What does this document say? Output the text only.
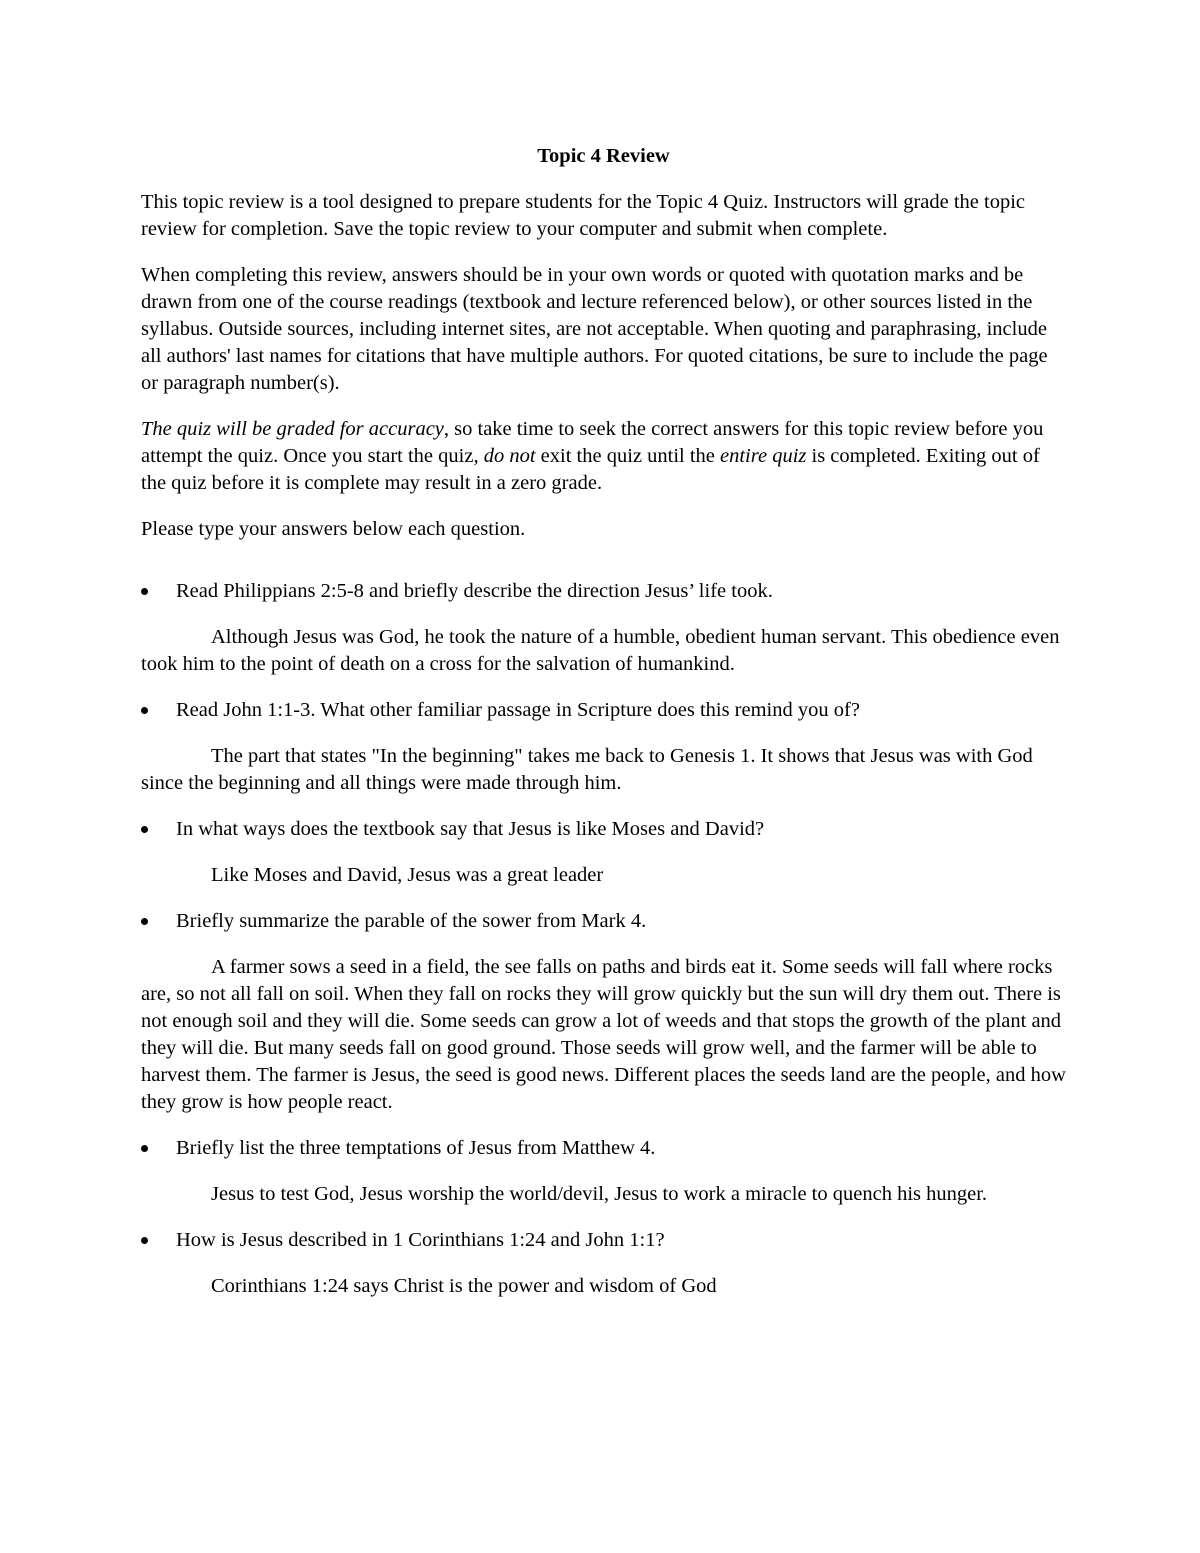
Topic 4 Review

This topic review is a tool designed to prepare students for the Topic 4 Quiz. Instructors will grade the topic review for completion. Save the topic review to your computer and submit when complete.

When completing this review, answers should be in your own words or quoted with quotation marks and be drawn from one of the course readings (textbook and lecture referenced below), or other sources listed in the syllabus. Outside sources, including internet sites, are not acceptable. When quoting and paraphrasing, include all authors' last names for citations that have multiple authors. For quoted citations, be sure to include the page or paragraph number(s).

The quiz will be graded for accuracy, so take time to seek the correct answers for this topic review before you attempt the quiz. Once you start the quiz, do not exit the quiz until the entire quiz is completed. Exiting out of the quiz before it is complete may result in a zero grade.

Please type your answers below each question.

Read Philippians 2:5-8 and briefly describe the direction Jesus’ life took.

Although Jesus was God, he took the nature of a humble, obedient human servant. This obedience even took him to the point of death on a cross for the salvation of humankind.

Read John 1:1-3. What other familiar passage in Scripture does this remind you of?

The part that states "In the beginning" takes me back to Genesis 1. It shows that Jesus was with God since the beginning and all things were made through him.

In what ways does the textbook say that Jesus is like Moses and David?

Like Moses and David, Jesus was a great leader

Briefly summarize the parable of the sower from Mark 4.

A farmer sows a seed in a field, the see falls on paths and birds eat it. Some seeds will fall where rocks are, so not all fall on soil. When they fall on rocks they will grow quickly but the sun will dry them out. There is not enough soil and they will die. Some seeds can grow a lot of weeds and that stops the growth of the plant and they will die. But many seeds fall on good ground. Those seeds will grow well, and the farmer will be able to harvest them. The farmer is Jesus, the seed is good news. Different places the seeds land are the people, and how they grow is how people react.

Briefly list the three temptations of Jesus from Matthew 4.

Jesus to test God, Jesus worship the world/devil, Jesus to work a miracle to quench his hunger.

How is Jesus described in 1 Corinthians 1:24 and John 1:1?

Corinthians 1:24 says Christ is the power and wisdom of God
